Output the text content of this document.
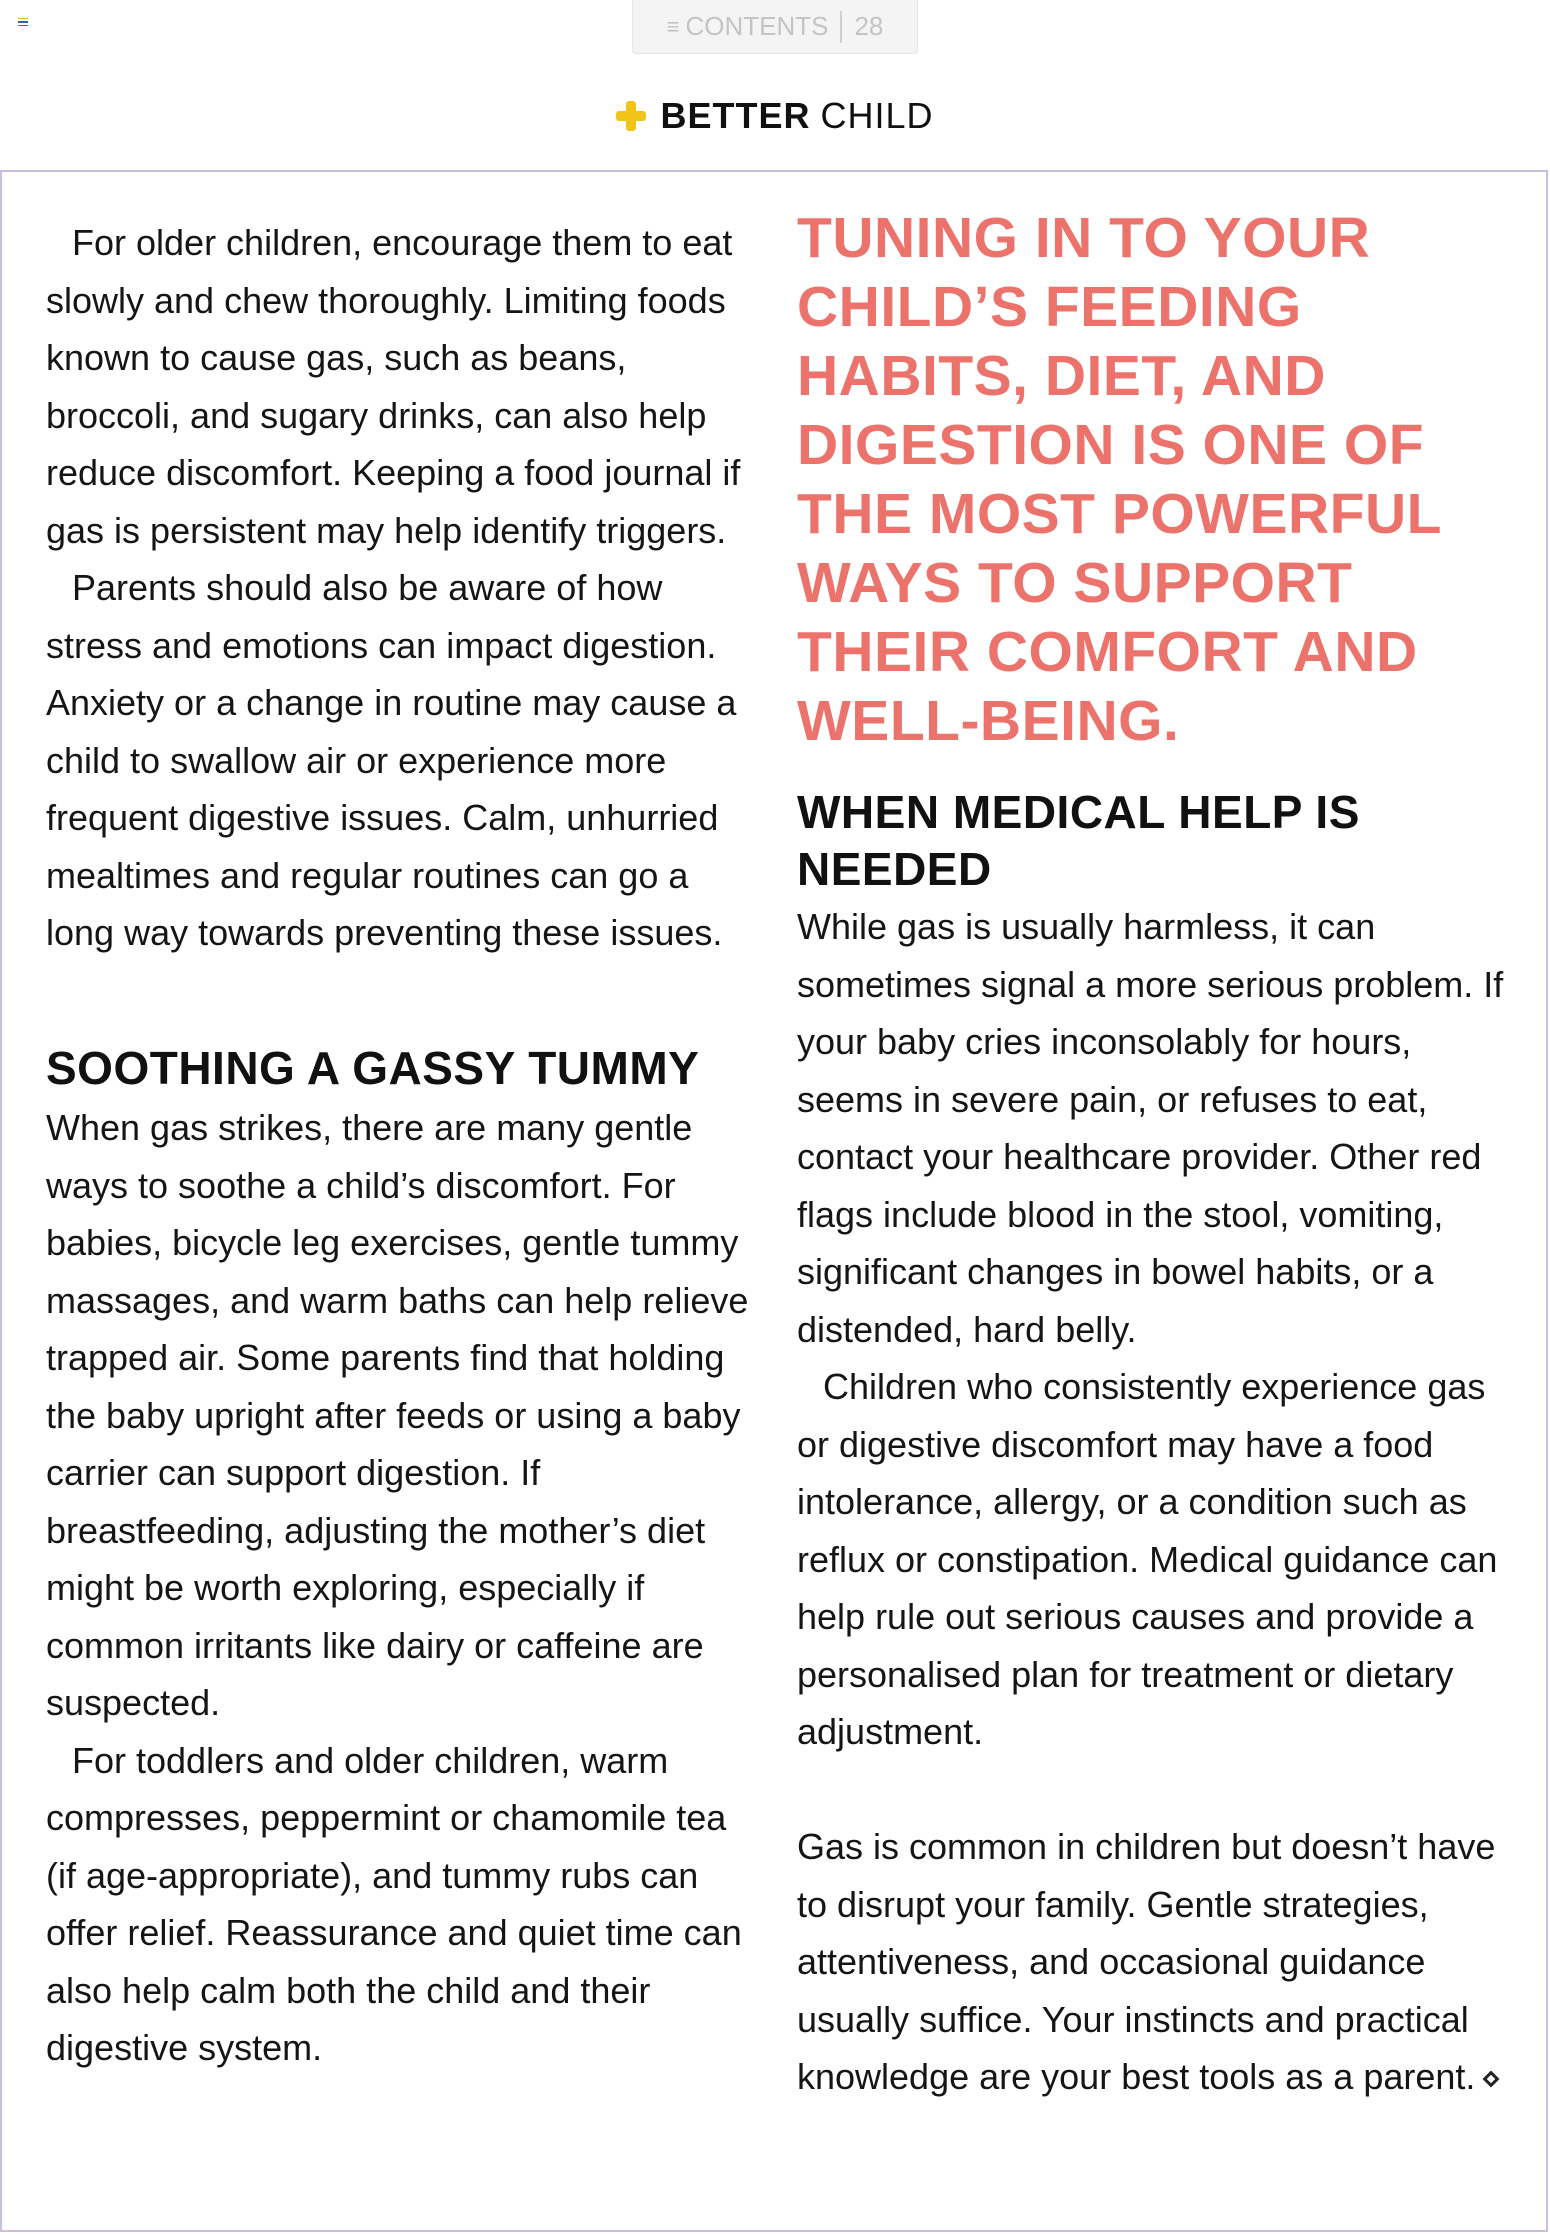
≡ CONTENTS 28
BETTER CHILD

For older children, encourage them to eat slowly and chew thoroughly. Limiting foods known to cause gas, such as beans, broccoli, and sugary drinks, can also help reduce discomfort. Keeping a food journal if gas is persistent may help identify triggers.

Parents should also be aware of how stress and emotions can impact digestion. Anxiety or a change in routine may cause a child to swallow air or experience more frequent digestive issues. Calm, unhurried mealtimes and regular routines can go a long way towards preventing these issues.

SOOTHING A GASSY TUMMY

When gas strikes, there are many gentle ways to soothe a child’s discomfort. For babies, bicycle leg exercises, gentle tummy massages, and warm baths can help relieve trapped air. Some parents find that holding the baby upright after feeds or using a baby carrier can support digestion. If breastfeeding, adjusting the mother’s diet might be worth exploring, especially if common irritants like dairy or caffeine are suspected.

For toddlers and older children, warm compresses, peppermint or chamomile tea (if age-appropriate), and tummy rubs can offer relief. Reassurance and quiet time can also help calm both the child and their digestive system.

TUNING IN TO YOUR CHILD’S FEEDING HABITS, DIET, AND DIGESTION IS ONE OF THE MOST POWERFUL WAYS TO SUPPORT THEIR COMFORT AND WELL-BEING.

WHEN MEDICAL HELP IS NEEDED

While gas is usually harmless, it can sometimes signal a more serious problem. If your baby cries inconsolably for hours, seems in severe pain, or refuses to eat, contact your healthcare provider. Other red flags include blood in the stool, vomiting, significant changes in bowel habits, or a distended, hard belly.

Children who consistently experience gas or digestive discomfort may have a food intolerance, allergy, or a condition such as reflux or constipation. Medical guidance can help rule out serious causes and provide a personalised plan for treatment or dietary adjustment.

Gas is common in children but doesn’t have to disrupt your family. Gentle strategies, attentiveness, and occasional guidance usually suffice. Your instincts and practical knowledge are your best tools as a parent.
